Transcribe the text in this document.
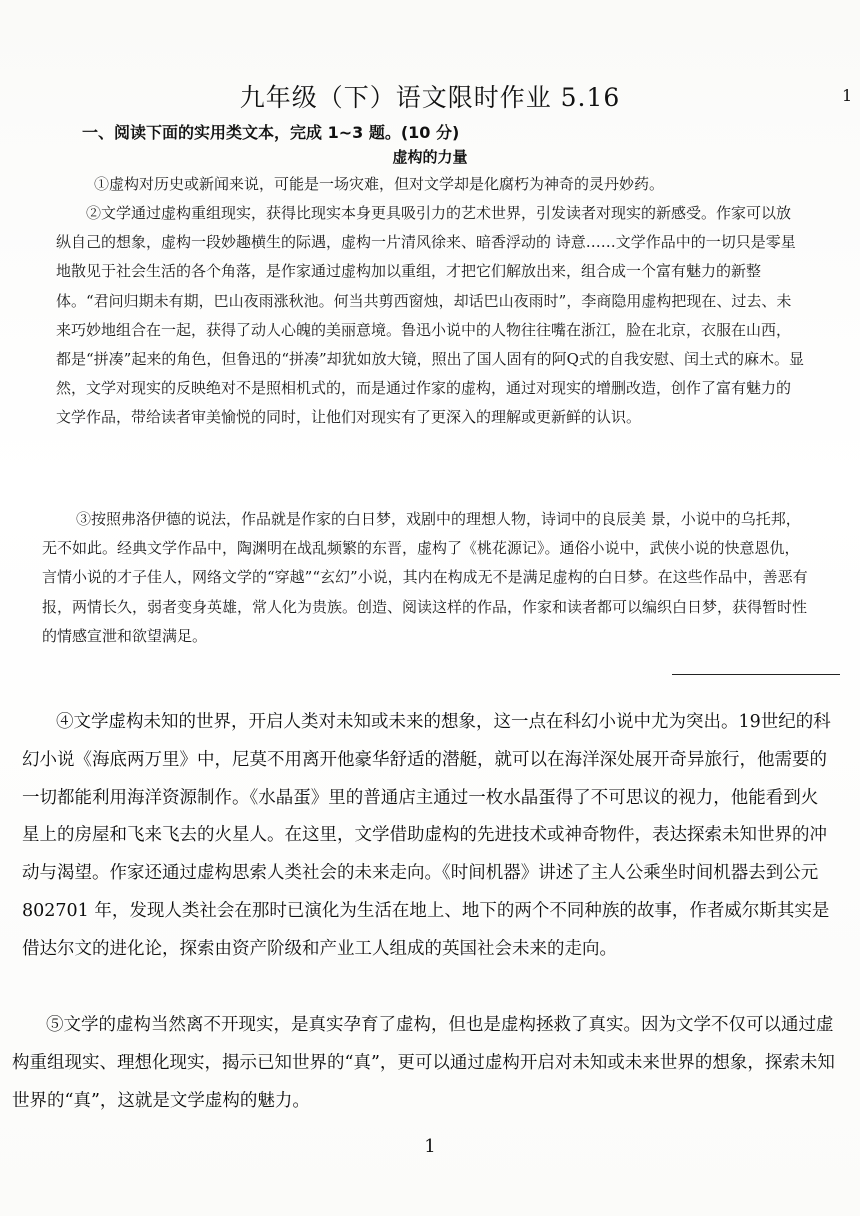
1
九年级（下）语文限时作业 5.16
一、阅读下面的实用类文本，完成 1~3 题。(10 分)
虚构的力量

①虚构对历史或新闻来说，可能是一场灾难，但对文学却是化腐朽为神奇的灵丹妙药。

②文学通过虚构重组现实，获得比现实本身更具吸引力的艺术世界，引发读者对现实的新感受。作家可以放纵自己的想象，虚构一段妙趣横生的际遇，虚构一片清风徐来、暗香浮动的 诗意……文学作品中的一切只是零星地散见于社会生活的各个角落，是作家通过虚构加以重组，才把它们解放出来，组合成一个富有魅力的新整体。“君问归期未有期，巴山夜雨涨秋池。何当共剪西窗烛，却话巴山夜雨时”，李商隐用虚构把现在、过去、未来巧妙地组合在一起，获得了动人心魄的美丽意境。鲁迅小说中的人物往往嘴在浙江，脸在北京，衣服在山西，都是“拼凑”起来的角色，但鲁迅的“拼凑”却犹如放大镜，照出了国人固有的阿Q式的自我安慰、闰土式的麻木。显然，文学对现实的反映绝对不是照相机式的，而是通过作家的虚构，通过对现实的增删改造，创作了富有魅力的文学作品，带给读者审美愉悦的同时，让他们对现实有了更深入的理解或更新鲜的认识。

③按照弗洛伊德的说法，作品就是作家的白日梦，戏剧中的理想人物，诗词中的良辰美 景，小说中的乌托邦，无不如此。经典文学作品中，陶渊明在战乱频繁的东晋，虚构了《桃花源记》。通俗小说中，武侠小说的快意恩仇，言情小说的才子佳人，网络文学的“穿越”“玄幻”小说，其内在构成无不是满足虚构的白日梦。在这些作品中，善恶有报，两情长久，弱者变身英雄，常人化为贵族。创造、阅读这样的作品，作家和读者都可以编织白日梦，获得暂时性的情感宣泄和欲望满足。

④文学虚构未知的世界，开启人类对未知或未来的想象，这一点在科幻小说中尤为突出。19世纪的科幻小说《海底两万里》中，尼莫不用离开他豪华舒适的潜艇，就可以在海洋深处展开奇异旅行，他需要的一切都能利用海洋资源制作。《水晶蛋》里的普通店主通过一枚水晶蛋得了不可思议的视力，他能看到火星上的房屋和飞来飞去的火星人。在这里，文学借助虚构的先进技术或神奇物件，表达探索未知世界的冲动与渴望。作家还通过虚构思索人类社会的未来走向。《时间机器》讲述了主人公乘坐时间机器去到公元 802701 年，发现人类社会在那时已演化为生活在地上、地下的两个不同种族的故事，作者威尔斯其实是借达尔文的进化论，探索由资产阶级和产业工人组成的英国社会未来的走向。

⑤文学的虚构当然离不开现实，是真实孕育了虚构，但也是虚构拯救了真实。因为文学不仅可以通过虚构重组现实、理想化现实，揭示已知世界的“真”，更可以通过虚构开启对未知或未来世界的想象，探索未知世界的“真”，这就是文学虚构的魅力。

1
